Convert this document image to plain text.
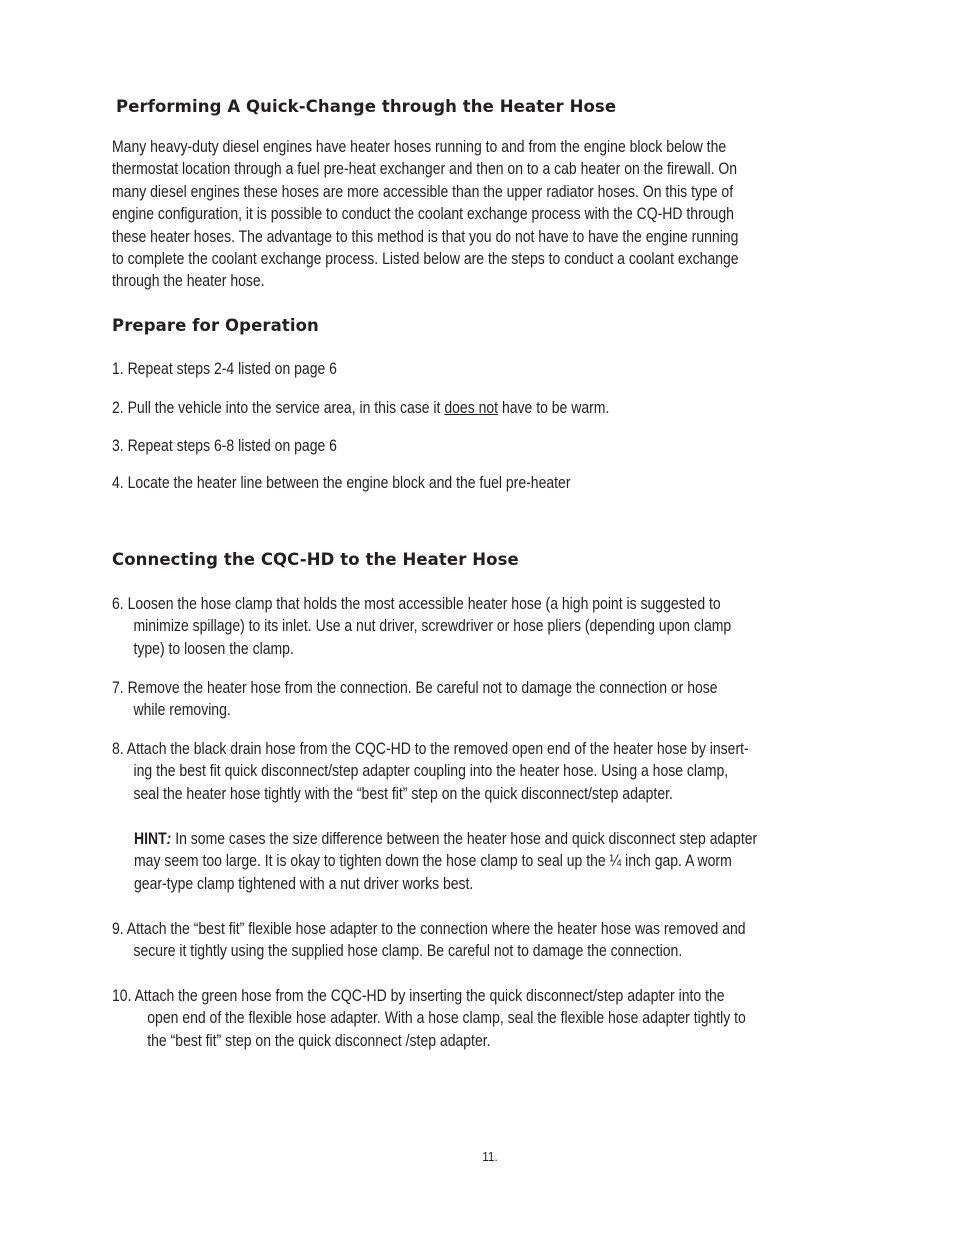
Performing A Quick-Change through the Heater Hose
Many heavy-duty diesel engines have heater hoses running to and from the engine block below the
thermostat location through a fuel pre-heat exchanger and then on to a cab heater on the firewall. On
many diesel engines these hoses are more accessible than the upper radiator hoses. On this type of
engine configuration, it is possible to conduct the coolant exchange process with the CQ-HD through
these heater hoses. The advantage to this method is that you do not have to have the engine running
to complete the coolant exchange process. Listed below are the steps to conduct a coolant exchange
through the heater hose.
Prepare for Operation
1. Repeat steps 2-4 listed on page 6
2. Pull the vehicle into the service area, in this case it does not have to be warm.
3. Repeat steps 6-8 listed on page 6
4. Locate the heater line between the engine block and the fuel pre-heater
Connecting the CQC-HD to the Heater Hose
6. Loosen the hose clamp that holds the most accessible heater hose (a high point is suggested to
minimize spillage) to its inlet. Use a nut driver, screwdriver or hose pliers (depending upon clamp
type) to loosen the clamp.
7. Remove the heater hose from the connection. Be careful not to damage the connection or hose
while removing.
8. Attach the black drain hose from the CQC-HD to the removed open end of the heater hose by insert-
ing the best fit quick disconnect/step adapter coupling into the heater hose. Using a hose clamp,
seal the heater hose tightly with the “best fit” step on the quick disconnect/step adapter.
HINT: In some cases the size difference between the heater hose and quick disconnect step adapter
may seem too large. It is okay to tighten down the hose clamp to seal up the ¼ inch gap. A worm
gear-type clamp tightened with a nut driver works best.
9. Attach the “best fit” flexible hose adapter to the connection where the heater hose was removed and
secure it tightly using the supplied hose clamp. Be careful not to damage the connection.
10. Attach the green hose from the CQC-HD by inserting the quick disconnect/step adapter into the
open end of the flexible hose adapter. With a hose clamp, seal the flexible hose adapter tightly to
the “best fit” step on the quick disconnect /step adapter.
11.
